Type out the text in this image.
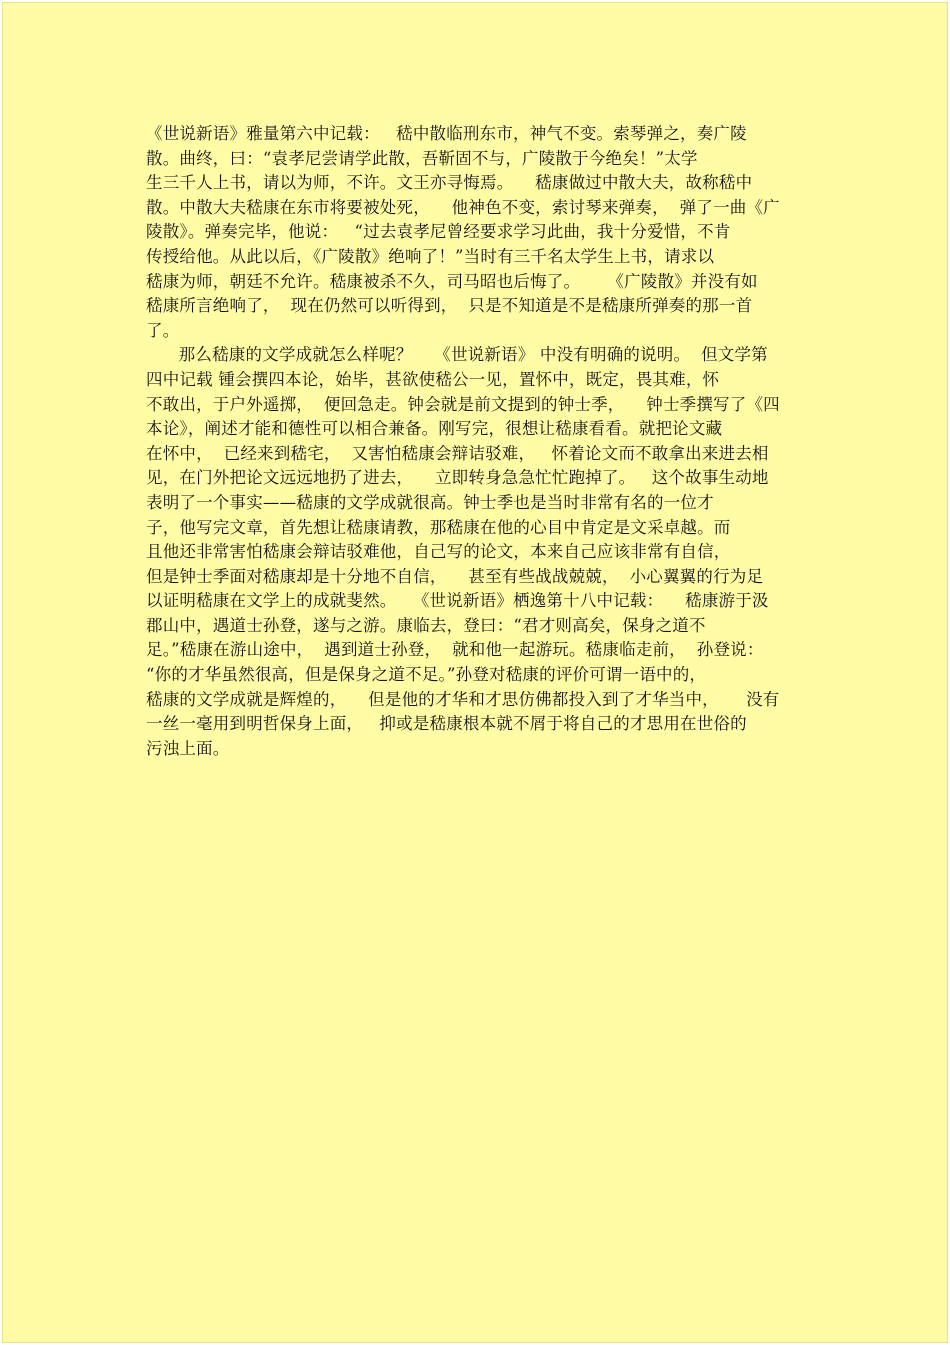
《世说新语》雅量第六中记载：   嵇中散临刑东市，神气不变。索琴弹之，奏广陵
散。曲终，曰：“袁孝尼尝请学此散，吾靳固不与，广陵散于今绝矣！”太学
生三千人上书，请以为师，不许。文王亦寻悔焉。    嵇康做过中散大夫，故称嵇中
散。中散大夫嵇康在东市将要被处死，    他神色不变，索讨琴来弹奏，  弹了一曲《广
陵散》。弹奏完毕，他说：   “过去袁孝尼曾经要求学习此曲，我十分爱惜，不肯
传授给他。从此以后，《广陵散》绝响了！”当时有三千名太学生上书，请求以
嵇康为师，朝廷不允许。嵇康被杀不久，司马昭也后悔了。     《广陵散》并没有如
嵇康所言绝响了，  现在仍然可以听得到，  只是不知道是不是嵇康所弹奏的那一首
了。
那么嵇康的文学成就怎么样呢？    《世说新语》 中没有明确的说明。  但文学第
四中记载 锺会撰四本论，始毕，甚欲使嵇公一见，置怀中，既定，畏其难，怀
不敢出，于户外遥掷，  便回急走。钟会就是前文提到的钟士季，    钟士季撰写了《四
本论》，阐述才能和德性可以相合兼备。刚写完，很想让嵇康看看。就把论文藏
在怀中，  已经来到嵇宅，  又害怕嵇康会辩诘驳难，   怀着论文而不敢拿出来进去相
见，在门外把论文远远地扔了进去，    立即转身急急忙忙跑掉了。   这个故事生动地
表明了一个事实——嵇康的文学成就很高。钟士季也是当时非常有名的一位才
子，他写完文章，首先想让嵇康请教，那嵇康在他的心目中肯定是文采卓越。而
且他还非常害怕嵇康会辩诘驳难他，自己写的论文，本来自己应该非常有自信，
但是钟士季面对嵇康却是十分地不自信，    甚至有些战战兢兢，  小心翼翼的行为足
以证明嵇康在文学上的成就斐然。   《世说新语》栖逸第十八中记载：    嵇康游于汲
郡山中，遇道士孙登，遂与之游。康临去，登曰：“君才则高矣，保身之道不
足。”嵇康在游山途中，  遇到道士孙登，  就和他一起游玩。嵇康临走前，  孙登说：
“你的才华虽然很高，但是保身之道不足。”孙登对嵇康的评价可谓一语中的，
嵇康的文学成就是辉煌的，    但是他的才华和才思仿佛都投入到了才华当中，     没有
一丝一毫用到明哲保身上面，   抑或是嵇康根本就不屑于将自己的才思用在世俗的
污浊上面。
